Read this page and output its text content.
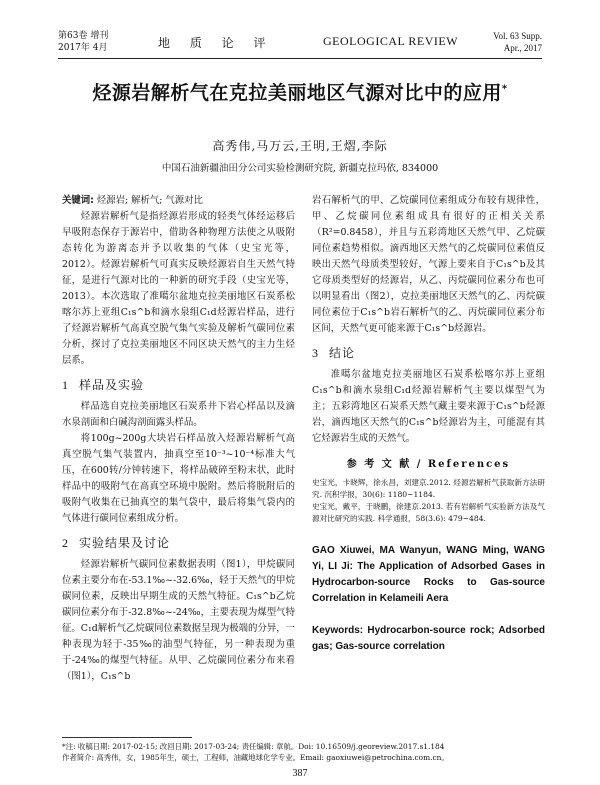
第63卷 增刊
2017年 4月	地 质 论 评	GEOLOGICAL REVIEW	Vol. 63 Supp.
Apr., 2017
烃源岩解析气在克拉美丽地区气源对比中的应用*
高秀伟,马万云,王明,王熠,李际
中国石油新疆油田分公司实验检测研究院, 新疆克拉玛依, 834000

关键词: 烃源岩; 解析气; 气源对比

烃源岩解析气是指烃源岩形成的轻类气体经运移后早吸附态保存于源岩中，借助各种物理方法使之从吸附态转化为游离态并予以收集的气体（史宝光等，2012）。烃源岩解析气可真实反映烃源岩自生天然气特征，是进行气源对比的一种新的研究手段（史宝光等，2013）。本次选取了准噶尔盆地克拉美丽地区石炭系松喀尔苏上亚组C₁s^b和滴水泉组C₁d烃源岩样品，进行了烃源岩解析气高真空脱气集气实验及解析气碳同位素分析，探讨了克拉美丽地区不同区块天然气的主力生烃层系。

1 样品及实验

样品选自克拉美丽地区石炭系井下岩心样品以及滴水泉剖面和白碱沟剖面露头样品。

将100g~200g大块岩石样品放入烃源岩解析气高真空脱气集气装置内，抽真空至10⁻³~10⁻⁴标准大气压，在600转/分钟转速下，将样品破碎至粉末状，此时样品中的吸附气在高真空环境中脱附。然后将脱附后的吸附气收集在已抽真空的集气袋中，最后将集气袋内的气体进行碳同位素组成分析。

2 实验结果及讨论

烃源岩解析气碳同位素数据表明（图1），甲烷碳同位素主要分布在-53.1‰~-32.6‰，轻于天然气的甲烷碳同位素，反映出早期生成的天然气特征。C₁s^b乙烷碳同位素分布于-32.8‰~-24‰，主要表现为煤型气特征。C₁d解析气乙烷碳同位素数据呈现为极端的分异，一种表现为轻于-35‰的油型气特征，另一种表现为重于-24‰的煤型气特征。从甲、乙烷碳同位素分布来看（图1），C₁s^b

岩石解析气的甲、乙烷碳同位素组成分布较有规律性，甲、乙烷碳同位素组成具有很好的正相关关系（R²=0.8458），并且与五彩湾地区天然气甲、乙烷碳同位素趋势相似。滴西地区天然气的乙烷碳同位素值反映出天然气母质类型较好，气源上要来自于C₁s^b及其它母质类型好的烃源岩，从乙、丙烷碳同位素分布也可以明显看出（图2），克拉美丽地区天然气的乙、丙烷碳同位素位于C₁s^b岩石解析气的乙、丙烷碳同位素分布区间，天然气更可能来源于C₁s^b烃源岩。

3 结论

准噶尔盆地克拉美丽地区石炭系松喀尔苏上亚组C₁s^b和滴水泉组C₁d烃源岩解析气主要以煤型气为主；五彩湾地区石炭系天然气藏主要来源于C₁s^b烃源岩，滴西地区天然气的C₁s^b烃源岩为主，可能混有其它烃源岩生成的天然气。

参 考 文 献 / References

史宝光，卡晓辉，徐永昌，刘建京.2012. 烃源岩解析气获取新方法研究. 沉积学报，30(6): 1180~1184.

史宝光，戴平，于晓鹏，徐建京.2013. 若有岩解析气实验新方法及气源对比研究的实践. 科学通报，58(3.6): 479~484.

GAO Xiuwei, MA Wanyun, WANG Ming, WANG Yi, LI Ji: The Application of Adsorbed Gases in Hydrocarbon-source Rocks to Gas-source Correlation in Kelameili Aera

Keywords: Hydrocarbon-source rock; Adsorbed gas; Gas-source correlation

*注: 收稿日期: 2017-02-15; 改回日期: 2017-03-24; 责任编辑: 章航。Doi: 10.16509/j.georeview.2017.s1.184
作者简介: 高秀伟，女，1985年生，硕士，工程师，油藏地球化学专业。Email: gaoxiuwei@petrochina.com.cn。
387
